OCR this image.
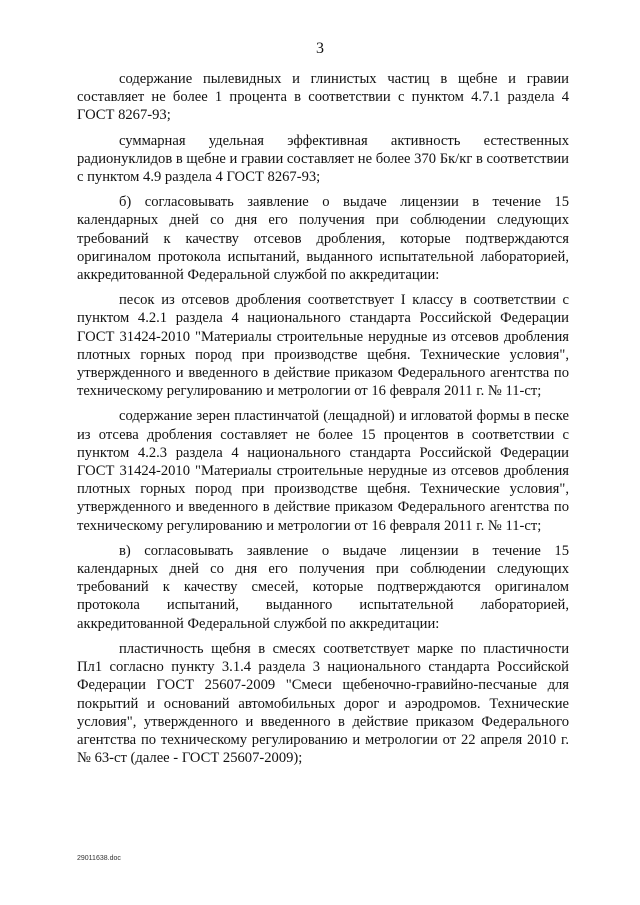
3

содержание пылевидных и глинистых частиц в щебне и гравии составляет не более 1 процента в соответствии с пунктом 4.7.1 раздела 4 ГОСТ 8267-93;

суммарная удельная эффективная активность естественных радионуклидов в щебне и гравии составляет не более 370 Бк/кг в соответствии с пунктом 4.9 раздела 4 ГОСТ 8267-93;

б) согласовывать заявление о выдаче лицензии в течение 15 календарных дней со дня его получения при соблюдении следующих требований к качеству отсевов дробления, которые подтверждаются оригиналом протокола испытаний, выданного испытательной лабораторией, аккредитованной Федеральной службой по аккредитации:

песок из отсевов дробления соответствует I классу в соответствии с пунктом 4.2.1 раздела 4 национального стандарта Российской Федерации ГОСТ 31424-2010 "Материалы строительные нерудные из отсевов дробления плотных горных пород при производстве щебня. Технические условия", утвержденного и введенного в действие приказом Федерального агентства по техническому регулированию и метрологии от 16 февраля 2011 г. № 11-ст;

содержание зерен пластинчатой (лещадной) и игловатой формы в песке из отсева дробления составляет не более 15 процентов в соответствии с пунктом 4.2.3 раздела 4 национального стандарта Российской Федерации ГОСТ 31424-2010 "Материалы строительные нерудные из отсевов дробления плотных горных пород при производстве щебня. Технические условия", утвержденного и введенного в действие приказом Федерального агентства по техническому регулированию и метрологии от 16 февраля 2011 г. № 11-ст;

в) согласовывать заявление о выдаче лицензии в течение 15 календарных дней со дня его получения при соблюдении следующих требований к качеству смесей, которые подтверждаются оригиналом протокола испытаний, выданного испытательной лабораторией, аккредитованной Федеральной службой по аккредитации:

пластичность щебня в смесях соответствует марке по пластичности Пл1 согласно пункту 3.1.4 раздела 3 национального стандарта Российской Федерации ГОСТ 25607-2009 "Смеси щебеночно-гравийно-песчаные для покрытий и оснований автомобильных дорог и аэродромов. Технические условия", утвержденного и введенного в действие приказом Федерального агентства по техническому регулированию и метрологии от 22 апреля 2010 г. № 63-ст (далее - ГОСТ 25607-2009);

29011638.doc
